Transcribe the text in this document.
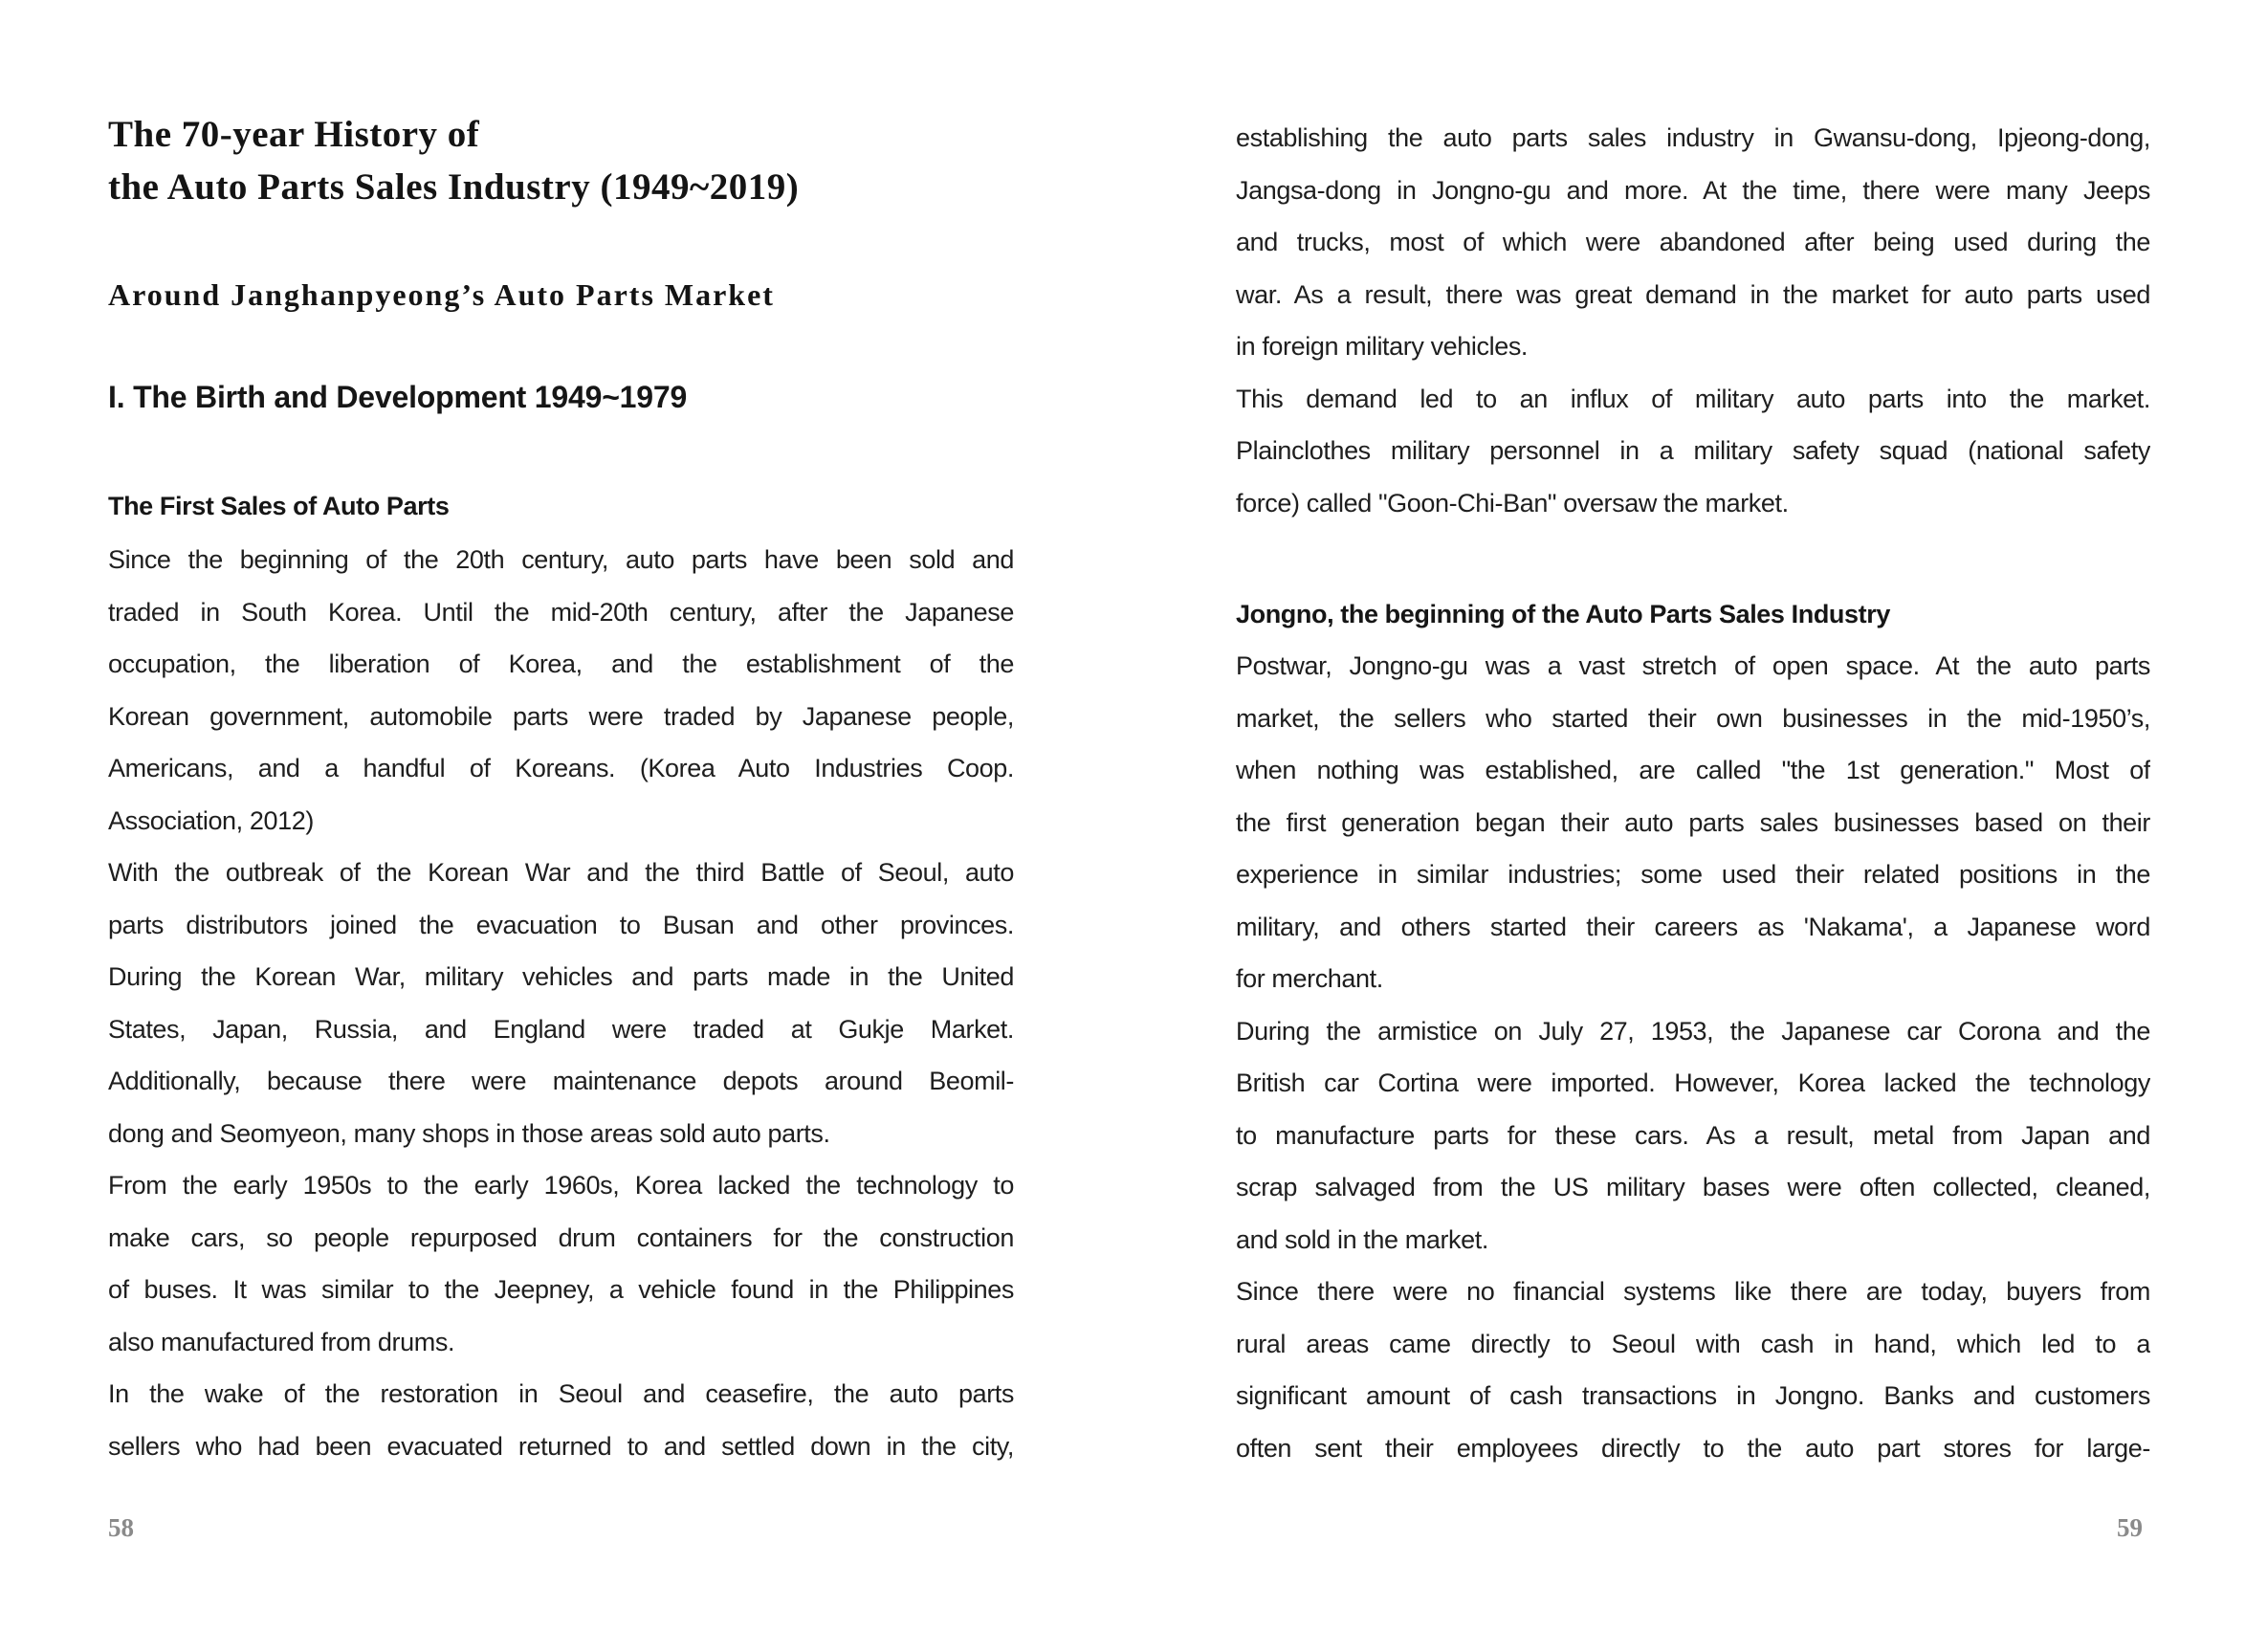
The 70-year History of
the Auto Parts Sales Industry (1949~2019)
Around Janghanpyeong’s Auto Parts Market
I. The Birth and Development 1949~1979
The First Sales of Auto Parts
Since the beginning of the 20th century, auto parts have been sold and
traded in South Korea. Until the mid-20th century, after the Japanese
occupation, the liberation of Korea, and the establishment of the
Korean government, automobile parts were traded by Japanese people,
Americans, and a handful of Koreans. (Korea Auto Industries Coop.
Association, 2012)
With the outbreak of the Korean War and the third Battle of Seoul, auto
parts distributors joined the evacuation to Busan and other provinces.
During the Korean War, military vehicles and parts made in the United
States, Japan, Russia, and England were traded at Gukje Market.
Additionally, because there were maintenance depots around Beomil-
dong and Seomyeon, many shops in those areas sold auto parts.
From the early 1950s to the early 1960s, Korea lacked the technology to
make cars, so people repurposed drum containers for the construction
of buses. It was similar to the Jeepney, a vehicle found in the Philippines
also manufactured from drums.
In the wake of the restoration in Seoul and ceasefire, the auto parts
sellers who had been evacuated returned to and settled down in the city,
58
establishing the auto parts sales industry in Gwansu-dong, Ipjeong-dong,
Jangsa-dong in Jongno-gu and more. At the time, there were many Jeeps
and trucks, most of which were abandoned after being used during the
war. As a result, there was great demand in the market for auto parts used
in foreign military vehicles.
This demand led to an influx of military auto parts into the market.
Plainclothes military personnel in a military safety squad (national safety
force) called "Goon-Chi-Ban" oversaw the market.
Jongno, the beginning of the Auto Parts Sales Industry
Postwar, Jongno-gu was a vast stretch of open space. At the auto parts
market, the sellers who started their own businesses in the mid-1950’s,
when nothing was established, are called "the 1st generation." Most of
the first generation began their auto parts sales businesses based on their
experience in similar industries; some used their related positions in the
military, and others started their careers as 'Nakama', a Japanese word
for merchant.
During the armistice on July 27, 1953, the Japanese car Corona and the
British car Cortina were imported. However, Korea lacked the technology
to manufacture parts for these cars. As a result, metal from Japan and
scrap salvaged from the US military bases were often collected, cleaned,
and sold in the market.
Since there were no financial systems like there are today, buyers from
rural areas came directly to Seoul with cash in hand, which led to a
significant amount of cash transactions in Jongno. Banks and customers
often sent their employees directly to the auto part stores for large-
59
